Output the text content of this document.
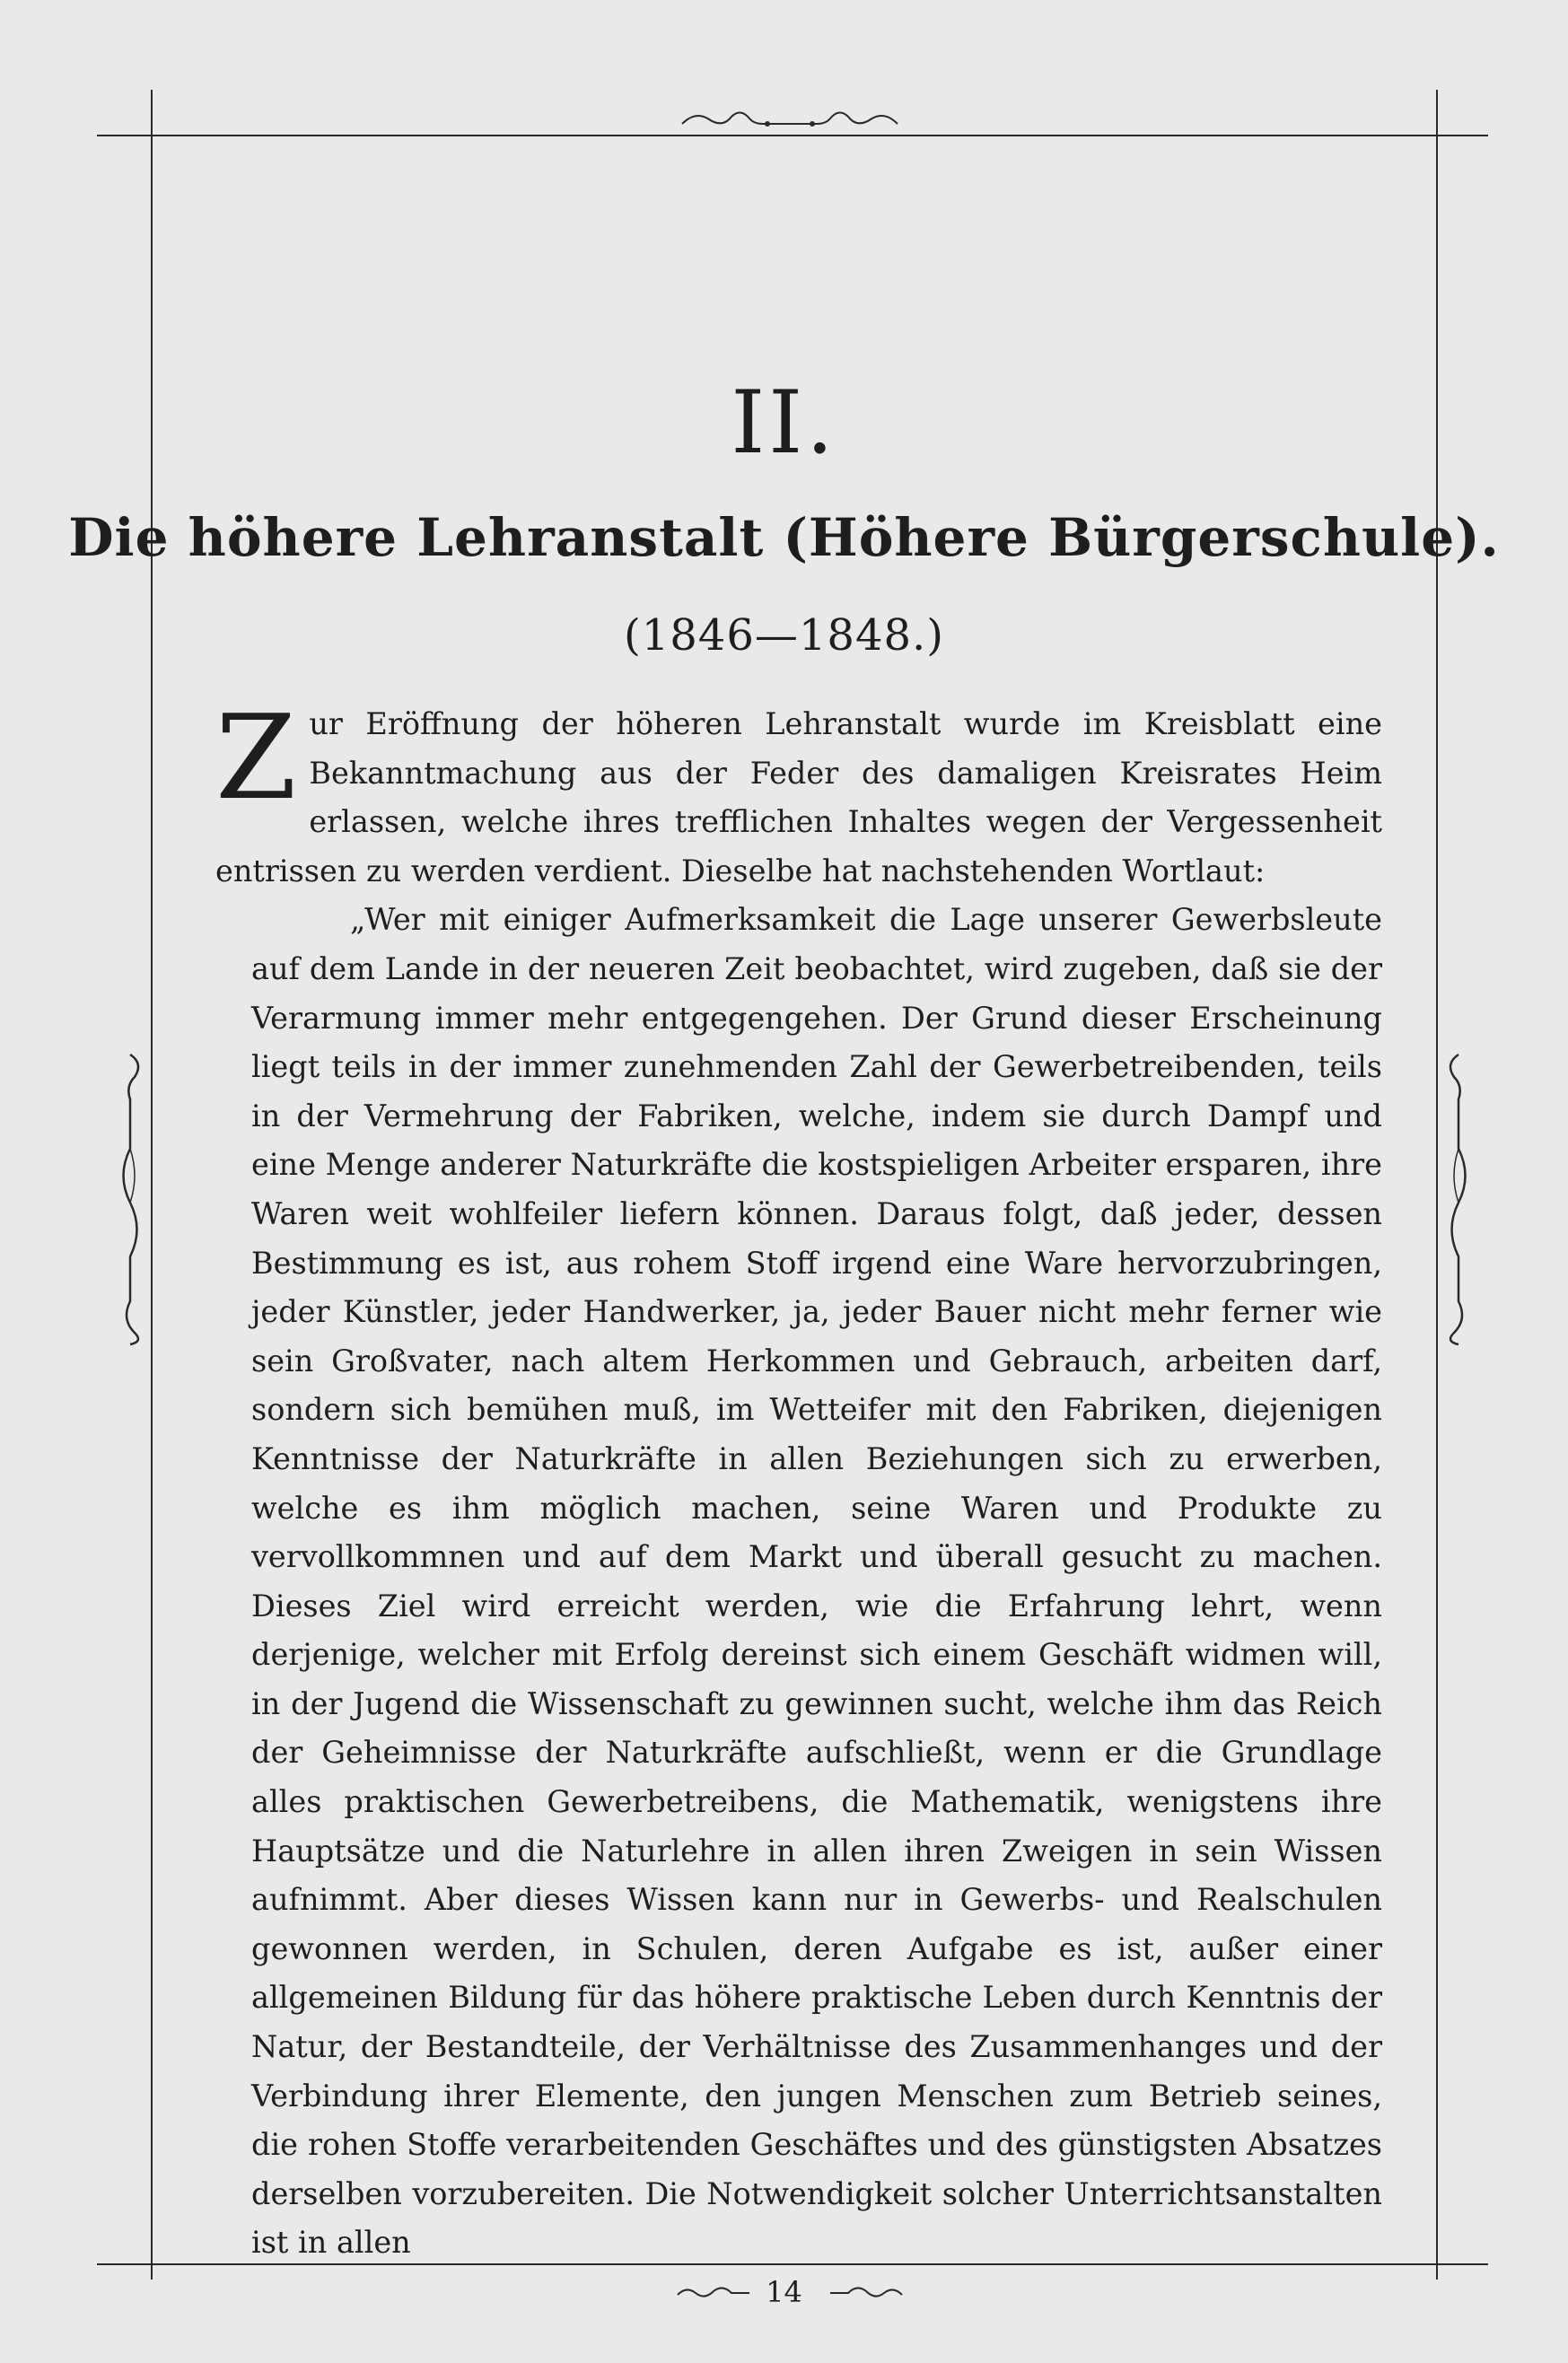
II.
Die höhere Lehranstalt (Höhere Bürgerschule).
(1846—1848.)

Zur Eröffnung der höheren Lehranstalt wurde im Kreisblatt eine Bekanntmachung aus der Feder des damaligen Kreisrates Heim erlassen, welche ihres trefflichen Inhaltes wegen der Vergessenheit entrissen zu werden verdient. Dieselbe hat nachstehenden Wortlaut:

„Wer mit einiger Aufmerksamkeit die Lage unserer Gewerbsleute auf dem Lande in der neueren Zeit beobachtet, wird zugeben, daß sie der Verarmung immer mehr entgegengehen. Der Grund dieser Erscheinung liegt teils in der immer zunehmenden Zahl der Gewerbetreibenden, teils in der Vermehrung der Fabriken, welche, indem sie durch Dampf und eine Menge anderer Naturkräfte die kostspieligen Arbeiter ersparen, ihre Waren weit wohlfeiler liefern können. Daraus folgt, daß jeder, dessen Bestimmung es ist, aus rohem Stoff irgend eine Ware hervorzubringen, jeder Künstler, jeder Handwerker, ja, jeder Bauer nicht mehr ferner wie sein Großvater, nach altem Herkommen und Gebrauch, arbeiten darf, sondern sich bemühen muß, im Wetteifer mit den Fabriken, diejenigen Kenntnisse der Naturkräfte in allen Beziehungen sich zu erwerben, welche es ihm möglich machen, seine Waren und Produkte zu vervollkommnen und auf dem Markt und überall gesucht zu machen. Dieses Ziel wird erreicht werden, wie die Erfahrung lehrt, wenn derjenige, welcher mit Erfolg dereinst sich einem Geschäft widmen will, in der Jugend die Wissenschaft zu gewinnen sucht, welche ihm das Reich der Geheimnisse der Naturkräfte aufschließt, wenn er die Grundlage alles praktischen Gewerbetreibens, die Mathematik, wenigstens ihre Hauptsätze und die Naturlehre in allen ihren Zweigen in sein Wissen aufnimmt. Aber dieses Wissen kann nur in Gewerbs- und Realschulen gewonnen werden, in Schulen, deren Aufgabe es ist, außer einer allgemeinen Bildung für das höhere praktische Leben durch Kenntnis der Natur, der Bestandteile, der Verhältnisse des Zusammenhanges und der Verbindung ihrer Elemente, den jungen Menschen zum Betrieb seines, die rohen Stoffe verarbeitenden Geschäftes und des günstigsten Absatzes derselben vorzubereiten. Die Notwendigkeit solcher Unterrichtsanstalten ist in allen

14
